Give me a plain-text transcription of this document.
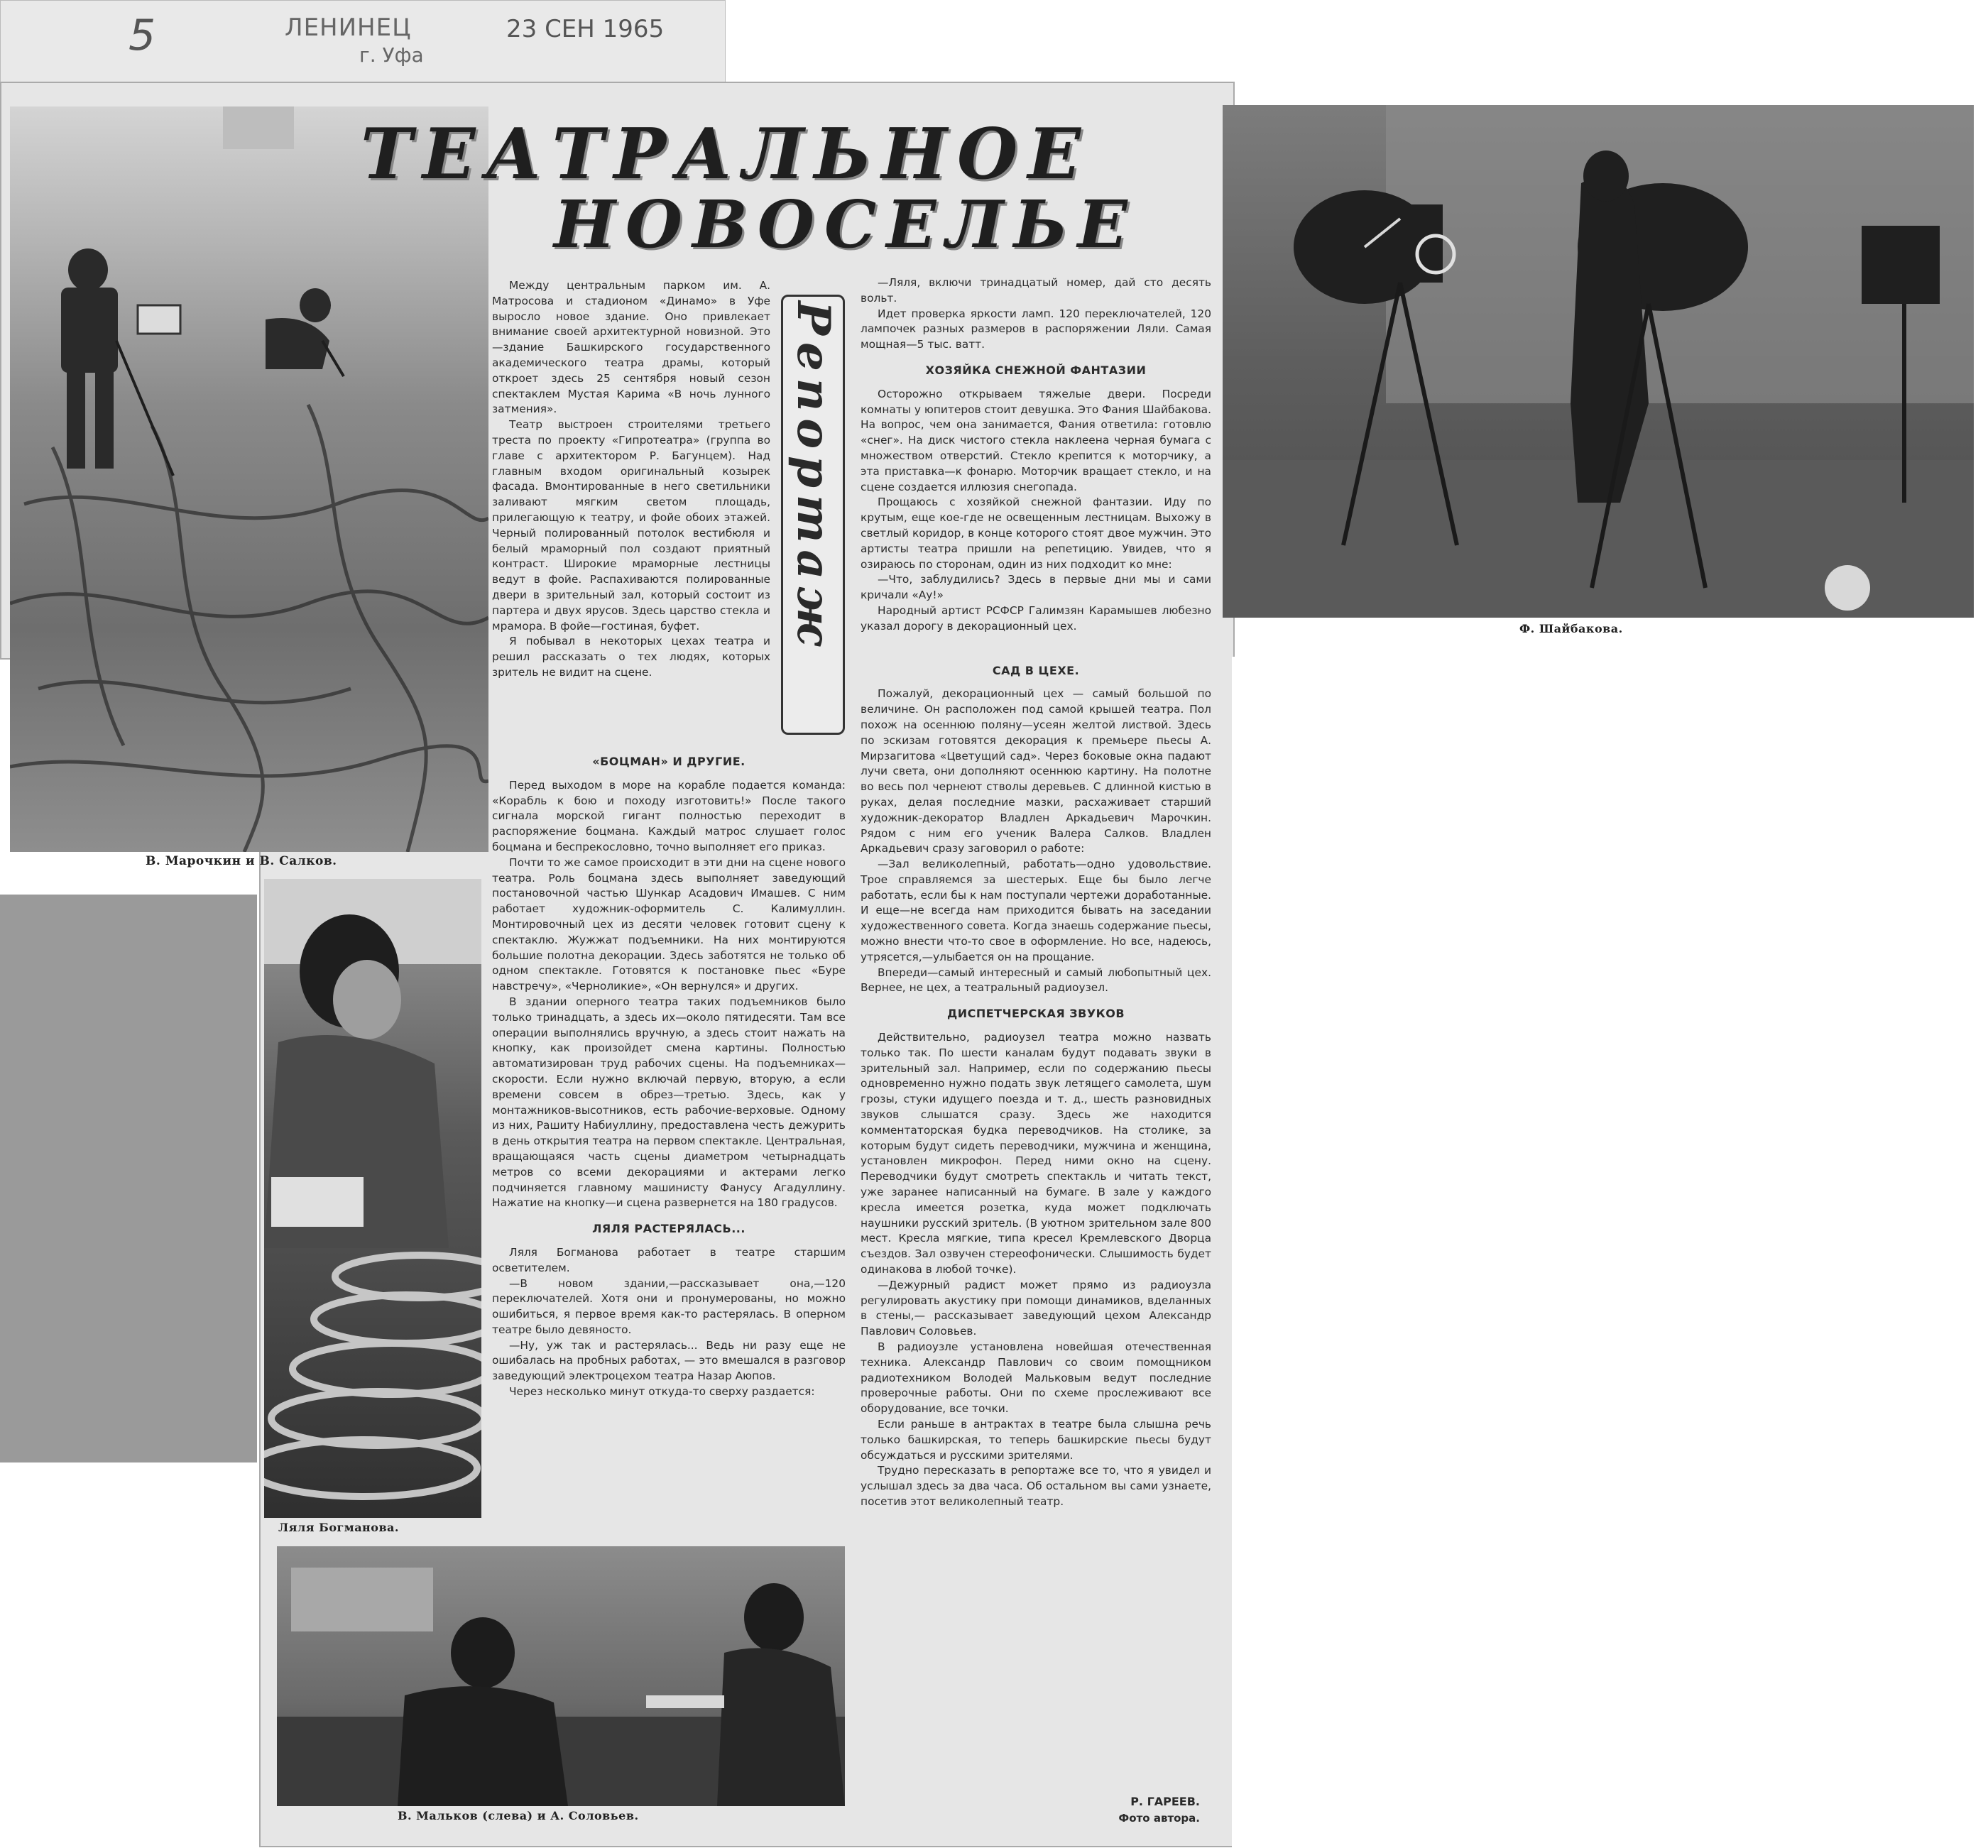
5	ЛЕНИНЕЦ
г. Уфа
23 СЕН 1965
В. Марочкин и В. Салков.
ТЕАТРАЛЬНОЕ
НОВОСЕЛЬЕ
Ф. Шайбакова.
Ляля Богманова.
В. Мальков (слева) и А. Соловьев.
Репортаж

Между центральным парком им. А. Матросова и стадионом «Динамо» в Уфе выросло новое здание. Оно привлекает внимание своей архитектурной новизной. Это—здание Башкирского государственного академического театра драмы, который откроет здесь 25 сентября новый сезон спектаклем Мустая Карима «В ночь лунного затмения».

Театр выстроен строителями третьего треста по проекту «Гипротеатра» (группа во главе с архитектором Р. Багунцем). Над главным входом оригинальный козырек фасада. Вмонтированные в него светильники заливают мягким светом площадь, прилегающую к театру, и фойе обоих этажей. Черный полированный потолок вестибюля и белый мраморный пол создают приятный контраст. Широкие мраморные лестницы ведут в фойе. Распахиваются полированные двери в зрительный зал, который состоит из партера и двух ярусов. Здесь царство стекла и мрамора. В фойе—гостиная, буфет.

Я побывал в некоторых цехах театра и решил рассказать о тех людях, которых зритель не видит на сцене.

«БОЦМАН» И ДРУГИЕ.

Перед выходом в море на корабле подается команда: «Корабль к бою и походу изготовить!» После такого сигнала морской гигант полностью переходит в распоряжение боцмана. Каждый матрос слушает голос боцмана и беспрекословно, точно выполняет его приказ.

Почти то же самое происходит в эти дни на сцене нового театра. Роль боцмана здесь выполняет заведующий постановочной частью Шункар Асадович Имашев. С ним работает художник-оформитель С. Калимуллин. Монтировочный цех из десяти человек готовит сцену к спектаклю. Жужжат подъемники. На них монтируются большие полотна декорации. Здесь заботятся не только об одном спектакле. Готовятся к постановке пьес «Буре навстречу», «Черноликие», «Он вернулся» и других.

В здании оперного театра таких подъемников было только тринадцать, а здесь их—около пятидесяти. Там все операции выполнялись вручную, а здесь стоит нажать на кнопку, как произойдет смена картины. Полностью автоматизирован труд рабочих сцены. На подъемниках—скорости. Если нужно включай первую, вторую, а если времени совсем в обрез—третью. Здесь, как у монтажников-высотников, есть рабочие-верховые. Одному из них, Рашиту Набиуллину, предоставлена честь дежурить в день открытия театра на первом спектакле. Центральная, вращающаяся часть сцены диаметром четырнадцать метров со всеми декорациями и актерами легко подчиняется главному машинисту Фанусу Агадуллину. Нажатие на кнопку—и сцена развернется на 180 градусов.

ЛЯЛЯ РАСТЕРЯЛАСЬ...

Ляля Богманова работает в театре старшим осветителем.

—В новом здании,—рассказывает она,—120 переключателей. Хотя они и пронумерованы, но можно ошибиться, я первое время как-то растерялась. В оперном театре было девяносто.

—Ну, уж так и растерялась... Ведь ни разу еще не ошибалась на пробных работах, — это вмешался в разговор заведующий электроцехом театра Назар Аюпов.

Через несколько минут откуда-то сверху раздается:

—Ляля, включи тринадцатый номер, дай сто десять вольт.

Идет проверка яркости ламп. 120 переключателей, 120 лампочек разных размеров в распоряжении Ляли. Самая мощная—5 тыс. ватт.

ХОЗЯЙКА СНЕЖНОЙ ФАНТАЗИИ

Осторожно открываем тяжелые двери. Посреди комнаты у юпитеров стоит девушка. Это Фания Шайбакова. На вопрос, чем она занимается, Фания ответила: готовлю «снег». На диск чистого стекла наклеена черная бумага с множеством отверстий. Стекло крепится к моторчику, а эта приставка—к фонарю. Моторчик вращает стекло, и на сцене создается иллюзия снегопада.

Прощаюсь с хозяйкой снежной фантазии. Иду по крутым, еще кое-где не освещенным лестницам. Выхожу в светлый коридор, в конце которого стоят двое мужчин. Это артисты театра пришли на репетицию. Увидев, что я озираюсь по сторонам, один из них подходит ко мне:

—Что, заблудились? Здесь в первые дни мы и сами кричали «Ау!»

Народный артист РСФСР Галимзян Карамышев любезно указал дорогу в декорационный цех.

САД В ЦЕХЕ.

Пожалуй, декорационный цех — самый большой по величине. Он расположен под самой крышей театра. Пол похож на осеннюю поляну—усеян желтой листвой. Здесь по эскизам готовятся декорация к премьере пьесы А. Мирзагитова «Цветущий сад». Через боковые окна падают лучи света, они дополняют осеннюю картину. На полотне во весь пол чернеют стволы деревьев. С длинной кистью в руках, делая последние мазки, расхаживает старший художник-декоратор Владлен Аркадьевич Марочкин. Рядом с ним его ученик Валера Салков. Владлен Аркадьевич сразу заговорил о работе:

—Зал великолепный, работать—одно удовольствие. Трое справляемся за шестерых. Еще бы было легче работать, если бы к нам поступали чертежи доработанные. И еще—не всегда нам приходится бывать на заседании художественного совета. Когда знаешь содержание пьесы, можно внести что-то свое в оформление. Но все, надеюсь, утрясется,—улыбается он на прощание.

Впереди—самый интересный и самый любопытный цех. Вернее, не цех, а театральный радиоузел.

ДИСПЕТЧЕРСКАЯ ЗВУКОВ

Действительно, радиоузел театра можно назвать только так. По шести каналам будут подавать звуки в зрительный зал. Например, если по содержанию пьесы одновременно нужно подать звук летящего самолета, шум грозы, стуки идущего поезда и т. д., шесть разновидных звуков слышатся сразу. Здесь же находится комментаторская будка переводчиков. На столике, за которым будут сидеть переводчики, мужчина и женщина, установлен микрофон. Перед ними окно на сцену. Переводчики будут смотреть спектакль и читать текст, уже заранее написанный на бумаге. В зале у каждого кресла имеется розетка, куда может подключать наушники русский зритель. (В уютном зрительном зале 800 мест. Кресла мягкие, типа кресел Кремлевского Дворца съездов. Зал озвучен стереофонически. Слышимость будет одинакова в любой точке).

—Дежурный радист может прямо из радиоузла регулировать акустику при помощи динамиков, вделанных в стены,— рассказывает заведующий цехом Александр Павлович Соловьев.

В радиоузле установлена новейшая отечественная техника. Александр Павлович со своим помощником радиотехником Володей Мальковым ведут последние проверочные работы. Они по схеме прослеживают все оборудование, все точки.

Если раньше в антрактах в театре была слышна речь только башкирская, то теперь башкирские пьесы будут обсуждаться и русскими зрителями.

Трудно пересказать в репортаже все то, что я увидел и услышал здесь за два часа. Об остальном вы сами узнаете, посетив этот великолепный театр.

Р. ГАРЕЕВ.
Фото автора.
